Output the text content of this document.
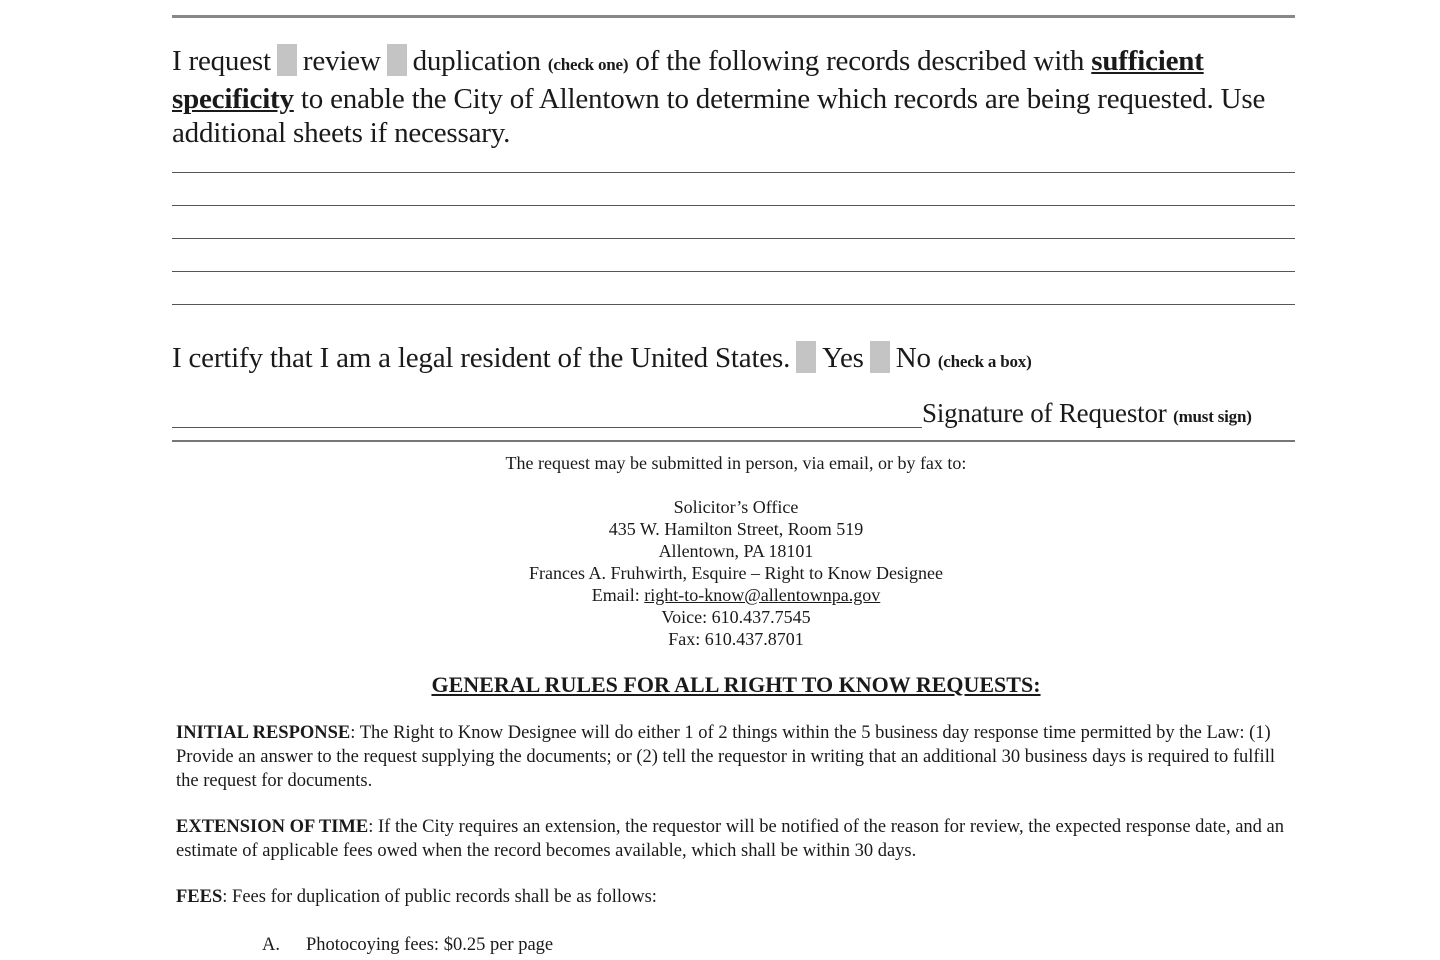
I request review duplication (check one) of the following records described with sufficient specificity to enable the City of Allentown to determine which records are being requested. Use additional sheets if necessary.
I certify that I am a legal resident of the United States. Yes No (check a box)
Signature of Requestor (must sign)
The request may be submitted in person, via email, or by fax to:
Solicitor’s Office
435 W. Hamilton Street, Room 519
Allentown, PA 18101
Frances A. Fruhwirth, Esquire – Right to Know Designee
Email: right-to-know@allentownpa.gov
Voice: 610.437.7545
Fax: 610.437.8701
GENERAL RULES FOR ALL RIGHT TO KNOW REQUESTS:
INITIAL RESPONSE: The Right to Know Designee will do either 1 of 2 things within the 5 business day response time permitted by the Law: (1) Provide an answer to the request supplying the documents; or (2) tell the requestor in writing that an additional 30 business days is required to fulfill the request for documents.
EXTENSION OF TIME: If the City requires an extension, the requestor will be notified of the reason for review, the expected response date, and an estimate of applicable fees owed when the record becomes available, which shall be within 30 days.
FEES: Fees for duplication of public records shall be as follows:
A. Photocoying fees: $0.25 per page
